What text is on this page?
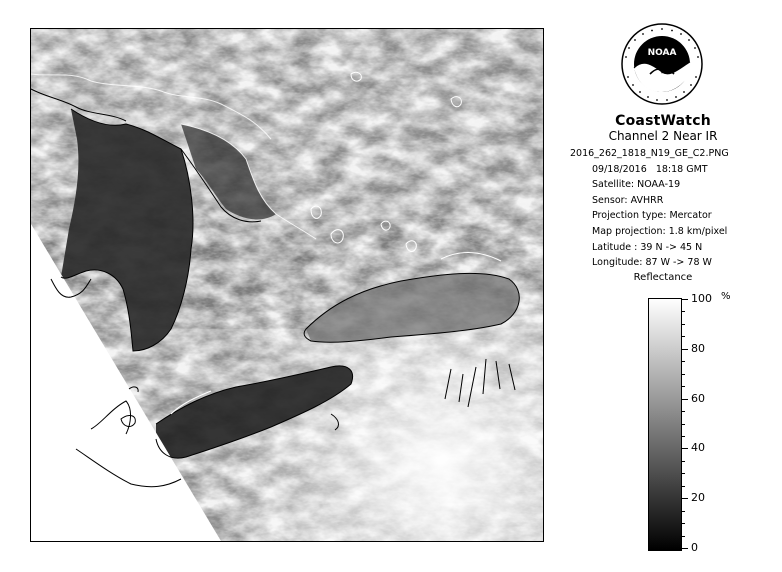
NOAA
CoastWatch
Channel 2 Near IR
2016_262_1818_N19_GE_C2.PNG
09/18/2016 18:18 GMT
Satellite: NOAA-19
Sensor: AVHRR
Projection type: Mercator
Map projection: 1.8 km/pixel
Latitude : 39 N -> 45 N
Longitude: 87 W -> 78 W
Reflectance
%
100
80
60
40
20
0
